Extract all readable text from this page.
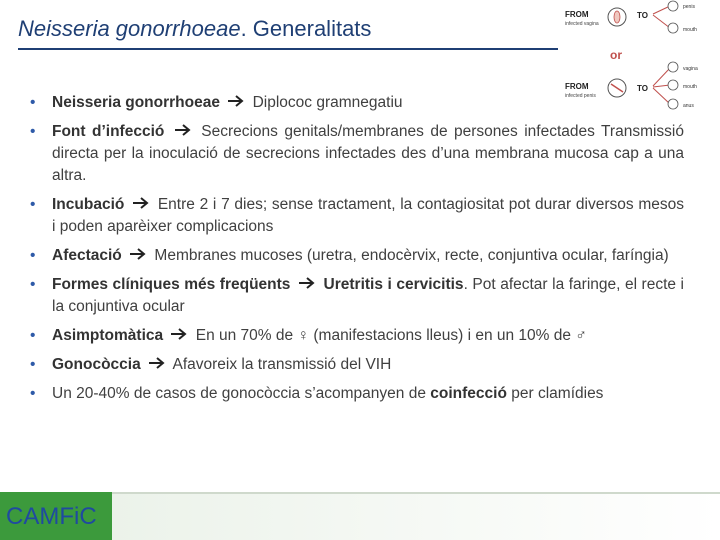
Neisseria gonorrhoeae. Generalitats
FROM
infected vagina
TO
penis
mouth
or
FROM
infected penis
TO
vagina
mouth
anus
• Neisseria gonorrhoeae Diplococ gramnegatiu
• Font d’infecció Secrecions genitals/membranes de persones infectades Transmissió directa per la inoculació de secrecions infectades des d’una membrana mucosa cap a una altra.
• Incubació Entre 2 i 7 dies; sense tractament, la contagiositat pot durar diversos mesos i poden aparèixer complicacions
• Afectació Membranes mucoses (uretra, endocèrvix, recte, conjuntiva ocular, faríngia)
• Formes clíniques més freqüents Uretritis i cervicitis. Pot afectar la faringe, el recte i la conjuntiva ocular
• Asimptomàtica En un 70% de ♀ (manifestacions lleus) i en un 10% de ♂
• Gonocòccia Afavoreix la transmissió del VIH
• Un 20-40% de casos de gonocòccia s’acompanyen de coinfecció per clamídies
CAMFiC
